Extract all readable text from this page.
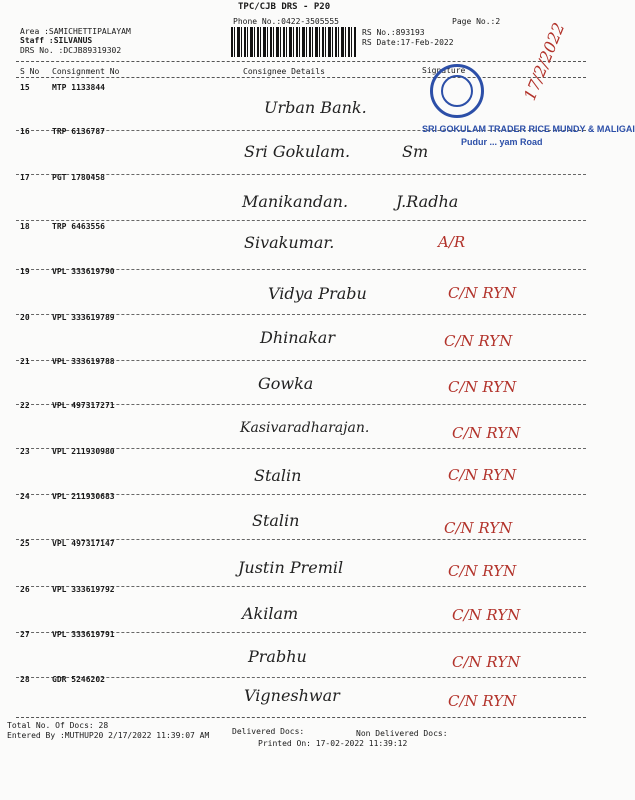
TPC/CJB DRS - P20
Phone No.:0422-3505555	Page No.:2
Area :SAMICHETTIPALAYAM
Staff :SILVANUS
DRS No. :DCJB89319302
RS No.:893193
RS Date:17-Feb-2022
S No Consignment No	Consignee Details	Signature
15	MTP 1133844
Urban Bank.
16	TRP 6136787
Sri Gokulam.	Sm
17	PGT 1780458
Manikandan.	J.Radha
18	TRP 6463556
Sivakumar.	A/R
19	VPL 333619790
Vidya Prabu	C/N RYN
20	VPL 333619789
Dhinakar	C/N RYN
21	VPL 333619788
Gowka	C/N RYN
22	VPL 497317271
Kasivaradharajan.	C/N RYN
23	VPL 211930980
Stalin	C/N RYN
24	VPL 211930683
Stalin	C/N RYN
25	VPL 497317147
Justin Premil	C/N RYN
26	VPL 333619792
Akilam	C/N RYN
27	VPL 333619791
Prabhu	C/N RYN
28	GDR 5246202
Vigneshwar	C/N RYN
SRI GOKULAM TRADER RICE MUNDY & MALIGAI
Pudur ... yam Road
17/2/2022
Total No. Of Docs: 28
Entered By :MUTHUP20 2/17/2022 11:39:07 AM	Delivered Docs:	Non Delivered Docs:
Printed On: 17-02-2022 11:39:12
